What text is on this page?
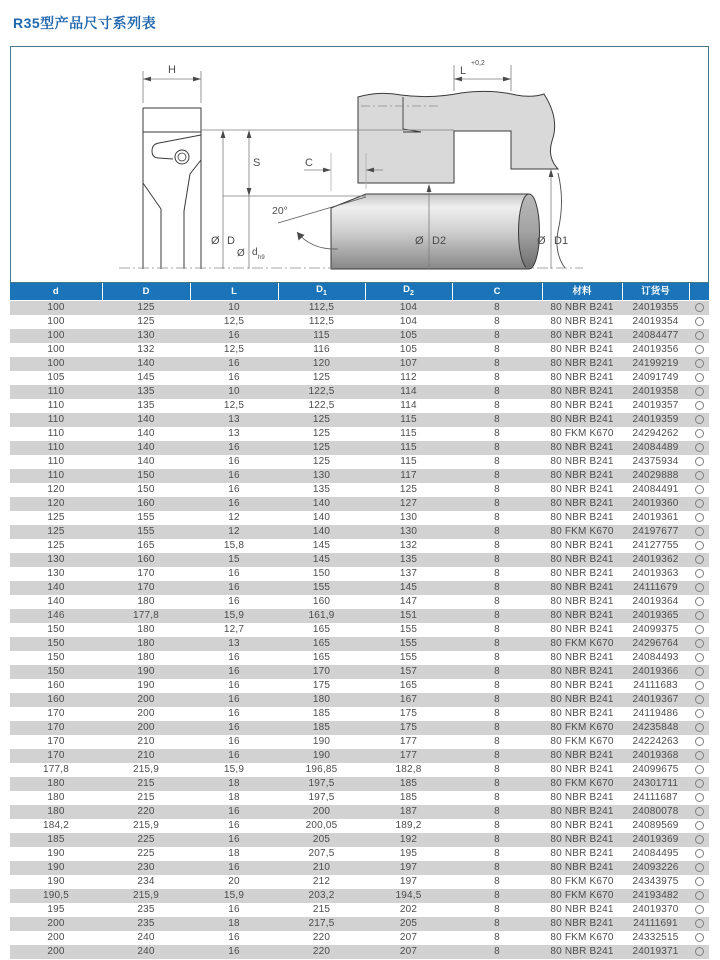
R35型产品尺寸系列表
H	L +0,2
S	C
20°
Ø D
Ø d h9
Ø D2	Ø D1
d	D	L	$D_1$	$D_2$	C	材料	订货号	
100	125	10	112,5	104	8	80 NBR B241	24019355	
100	125	12,5	112,5	104	8	80 NBR B241	24019354	
100	130	16	115	105	8	80 NBR B241	24084477	
100	132	12,5	116	105	8	80 NBR B241	24019356	
100	140	16	120	107	8	80 NBR B241	24199219	
105	145	16	125	112	8	80 NBR B241	24091749	
110	135	10	122,5	114	8	80 NBR B241	24019358	
110	135	12,5	122,5	114	8	80 NBR B241	24019357	
110	140	13	125	115	8	80 NBR B241	24019359	
110	140	13	125	115	8	80 FKM K670	24294262	
110	140	16	125	115	8	80 NBR B241	24084489	
110	140	16	125	115	8	80 NBR B241	24375934	
110	150	16	130	117	8	80 NBR B241	24029888	
120	150	16	135	125	8	80 NBR B241	24084491	
120	160	16	140	127	8	80 NBR B241	24019360	
125	155	12	140	130	8	80 NBR B241	24019361	
125	155	12	140	130	8	80 FKM K670	24197677	
125	165	15,8	145	132	8	80 NBR B241	24127755	
130	160	15	145	135	8	80 NBR B241	24019362	
130	170	16	150	137	8	80 NBR B241	24019363	
140	170	16	155	145	8	80 NBR B241	24111679	
140	180	16	160	147	8	80 NBR B241	24019364	
146	177,8	15,9	161,9	151	8	80 NBR B241	24019365	
150	180	12,7	165	155	8	80 NBR B241	24099375	
150	180	13	165	155	8	80 FKM K670	24296764	
150	180	16	165	155	8	80 NBR B241	24084493	
150	190	16	170	157	8	80 NBR B241	24019366	
160	190	16	175	165	8	80 NBR B241	24111683	
160	200	16	180	167	8	80 NBR B241	24019367	
170	200	16	185	175	8	80 NBR B241	24119486	
170	200	16	185	175	8	80 FKM K670	24235848	
170	210	16	190	177	8	80 FKM K670	24224263	
170	210	16	190	177	8	80 NBR B241	24019368	
177,8	215,9	15,9	196,85	182,8	8	80 NBR B241	24099675	
180	215	18	197,5	185	8	80 FKM K670	24301711	
180	215	18	197,5	185	8	80 NBR B241	24111687	
180	220	16	200	187	8	80 NBR B241	24080078	
184,2	215,9	16	200,05	189,2	8	80 NBR B241	24089569	
185	225	16	205	192	8	80 NBR B241	24019369	
190	225	18	207,5	195	8	80 NBR B241	24084495	
190	230	16	210	197	8	80 NBR B241	24093226	
190	234	20	212	197	8	80 FKM K670	24343975	
190,5	215,9	15,9	203,2	194,5	8	80 FKM K670	24193482	
195	235	16	215	202	8	80 NBR B241	24019370	
200	235	18	217,5	205	8	80 NBR B241	24111691	
200	240	16	220	207	8	80 FKM K670	24332515	
200	240	16	220	207	8	80 NBR B241	24019371	
